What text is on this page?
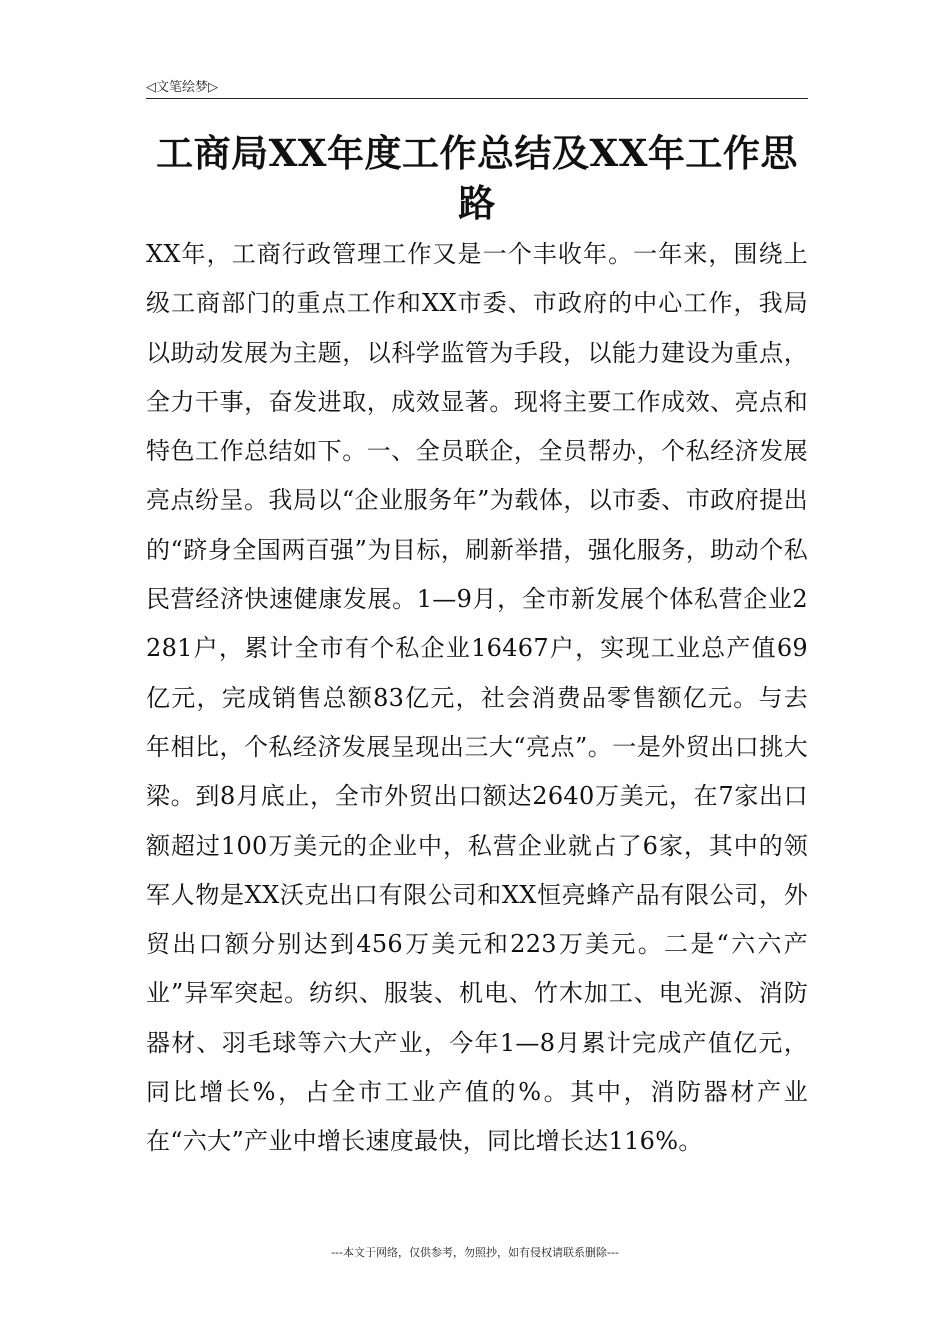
◁文笔绘梦▷
工商局XX年度工作总结及XX年工作思路

XX年，工商行政管理工作又是一个丰收年。一年来，围绕上级工商部门的重点工作和XX市委、市政府的中心工作，我局以助动发展为主题，以科学监管为手段，以能力建设为重点，全力干事，奋发进取，成效显著。现将主要工作成效、亮点和特色工作总结如下。一、全员联企，全员帮办，个私经济发展亮点纷呈。我局以“企业服务年”为载体，以市委、市政府提出的“跻身全国两百强”为目标，刷新举措，强化服务，助动个私民营经济快速健康发展。1—9月，全市新发展个体私营企业2281户，累计全市有个私企业16467户，实现工业总产值69亿元，完成销售总额83亿元，社会消费品零售额亿元。与去年相比，个私经济发展呈现出三大“亮点”。一是外贸出口挑大梁。到8月底止，全市外贸出口额达2640万美元，在7家出口额超过100万美元的企业中，私营企业就占了6家，其中的领军人物是XX沃克出口有限公司和XX恒亮蜂产品有限公司，外贸出口额分别达到456万美元和223万美元。二是“六六产业”异军突起。纺织、服装、机电、竹木加工、电光源、消防器材、羽毛球等六大产业，今年1—8月累计完成产值亿元，同比增长%，占全市工业产值的%。其中，消防器材产业在“六大”产业中增长速度最快，同比增长达116%。

---本文于网络，仅供参考，勿照抄，如有侵权请联系删除---
